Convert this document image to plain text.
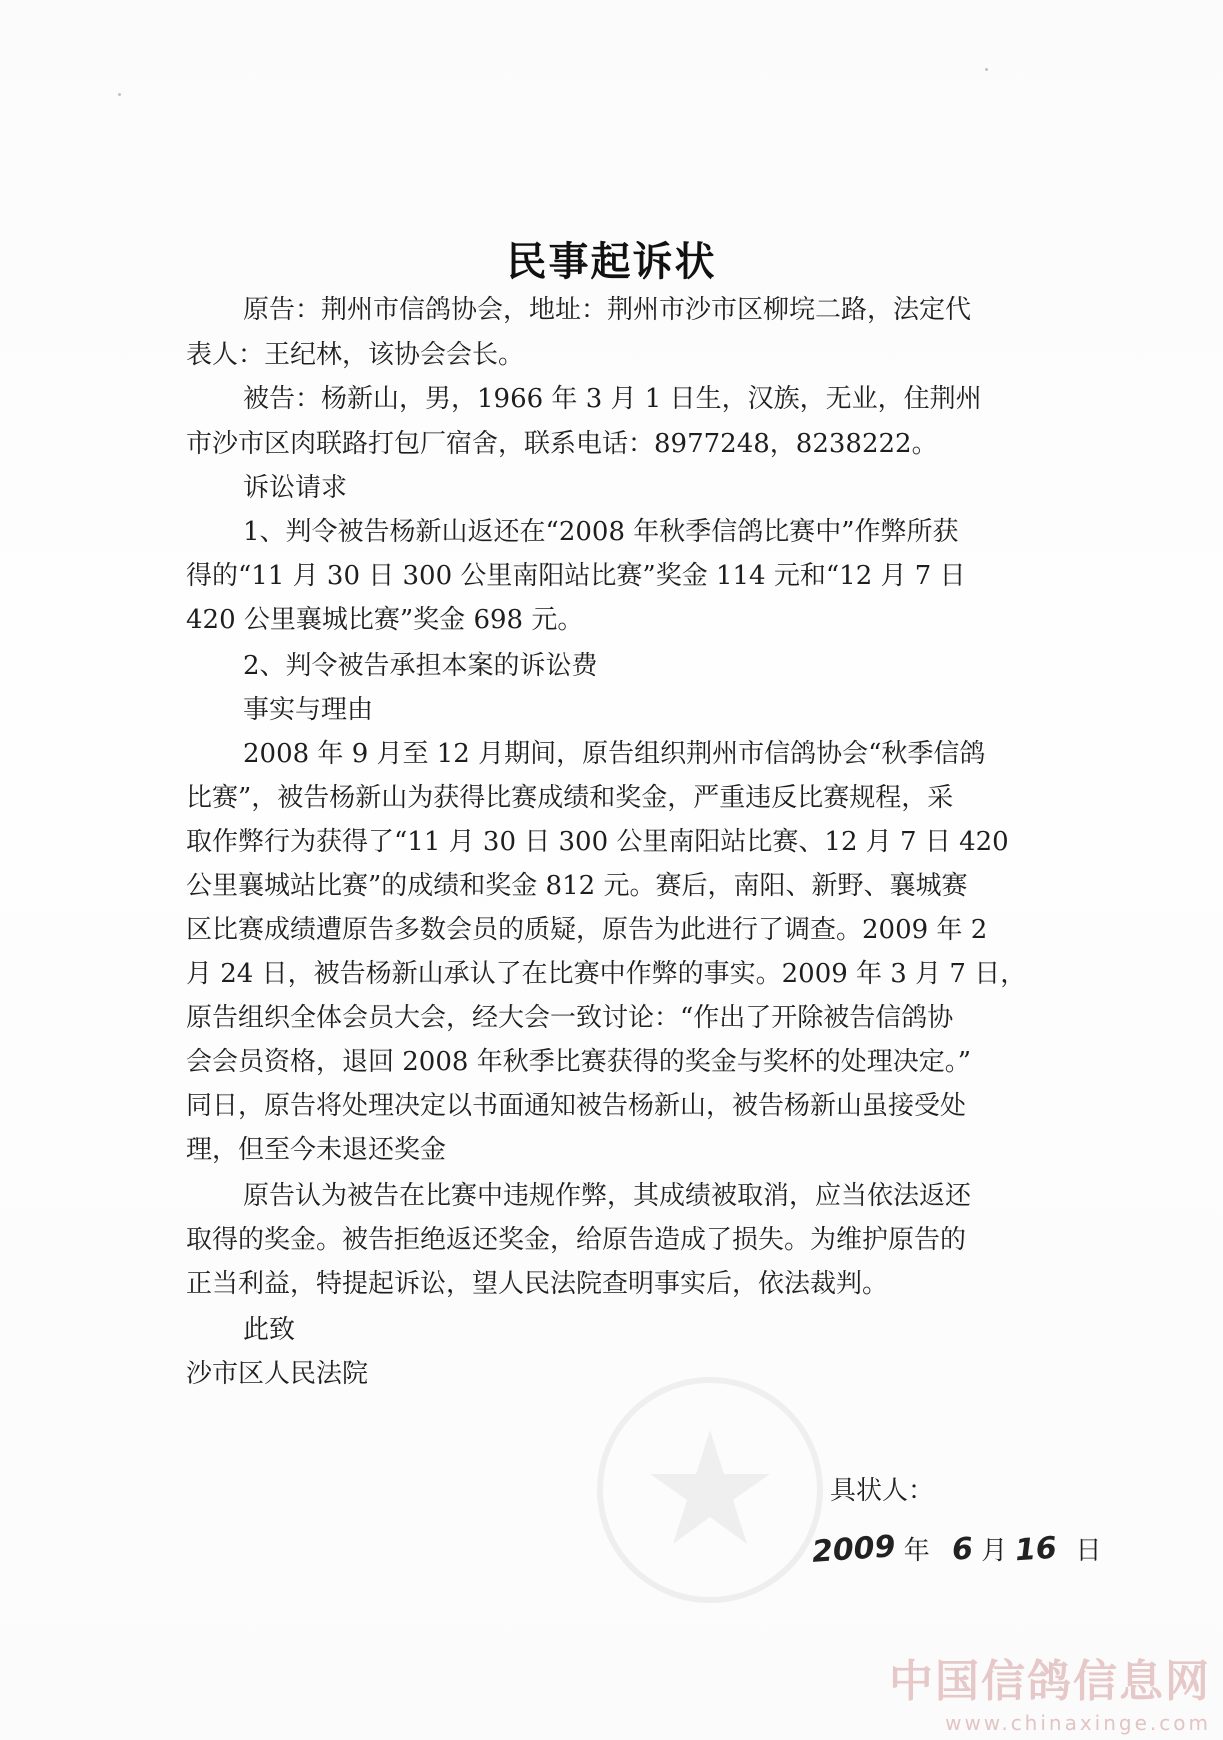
民事起诉状
原告：荆州市信鸽协会，地址：荆州市沙市区柳垸二路，法定代
表人：王纪林，该协会会长。
被告：杨新山，男，1966 年 3 月 1 日生，汉族，无业，住荆州
市沙市区肉联路打包厂宿舍，联系电话：8977248，8238222。
诉讼请求
1、判令被告杨新山返还在“2008 年秋季信鸽比赛中”作弊所获
得的“11 月 30 日 300 公里南阳站比赛”奖金 114 元和“12 月 7 日
420 公里襄城比赛”奖金 698 元。
2、判令被告承担本案的诉讼费
事实与理由
2008 年 9 月至 12 月期间，原告组织荆州市信鸽协会“秋季信鸽
比赛”，被告杨新山为获得比赛成绩和奖金，严重违反比赛规程，采
取作弊行为获得了“11 月 30 日 300 公里南阳站比赛、12 月 7 日 420
公里襄城站比赛”的成绩和奖金 812 元。赛后，南阳、新野、襄城赛
区比赛成绩遭原告多数会员的质疑，原告为此进行了调查。2009 年 2
月 24 日，被告杨新山承认了在比赛中作弊的事实。2009 年 3 月 7 日，
原告组织全体会员大会，经大会一致讨论：“作出了开除被告信鸽协
会会员资格，退回 2008 年秋季比赛获得的奖金与奖杯的处理决定。”
同日，原告将处理决定以书面通知被告杨新山，被告杨新山虽接受处
理，但至今未退还奖金
原告认为被告在比赛中违规作弊，其成绩被取消，应当依法返还
取得的奖金。被告拒绝返还奖金，给原告造成了损失。为维护原告的
正当利益，特提起诉讼，望人民法院查明事实后，依法裁判。
此致
沙市区人民法院
具状人：
2009 年 6 月 16 日
中国信鸽信息网
www.chinaxinge.com
